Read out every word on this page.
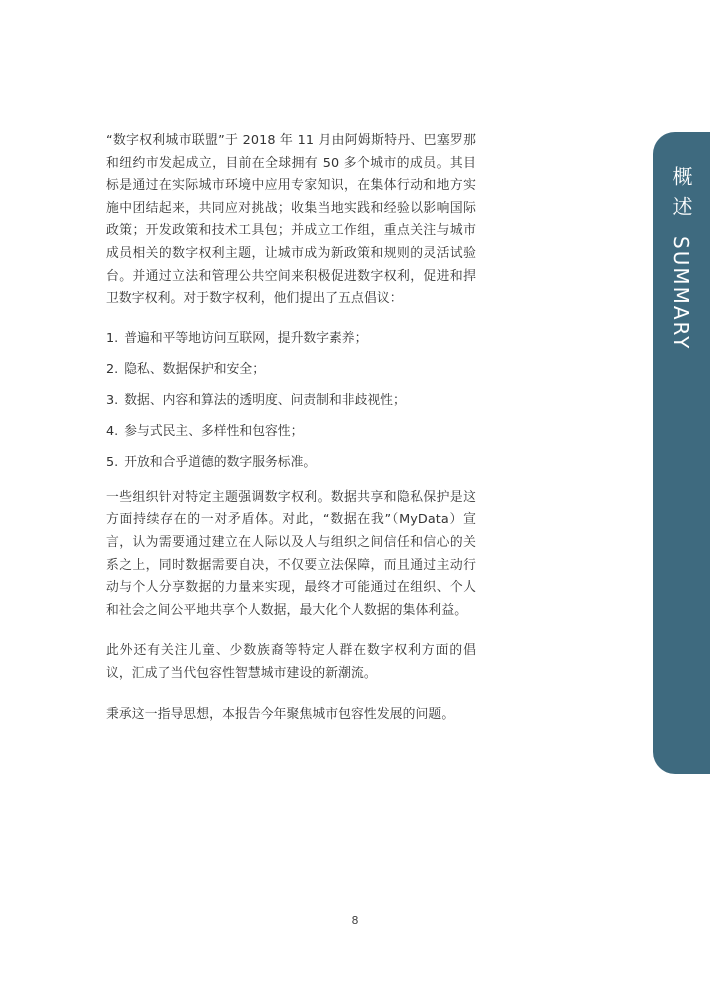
“数字权利城市联盟”于 2018 年 11 月由阿姆斯特丹、巴塞罗那和纽约市发起成立，目前在全球拥有 50 多个城市的成员。其目标是通过在实际城市环境中应用专家知识，在集体行动和地方实施中团结起来，共同应对挑战；收集当地实践和经验以影响国际政策；开发政策和技术工具包；并成立工作组，重点关注与城市成员相关的数字权利主题，让城市成为新政策和规则的灵活试验台。并通过立法和管理公共空间来积极促进数字权利，促进和捍卫数字权利。对于数字权利，他们提出了五点倡议：

1. 普遍和平等地访问互联网，提升数字素养；
2. 隐私、数据保护和安全；
3. 数据、内容和算法的透明度、问责制和非歧视性；
4. 参与式民主、多样性和包容性；
5. 开放和合乎道德的数字服务标准。

一些组织针对特定主题强调数字权利。数据共享和隐私保护是这方面持续存在的一对矛盾体。对此，“数据在我”（MyData）宣言，认为需要通过建立在人际以及人与组织之间信任和信心的关系之上，同时数据需要自决，不仅要立法保障，而且通过主动行动与个人分享数据的力量来实现，最终才可能通过在组织、个人和社会之间公平地共享个人数据，最大化个人数据的集体利益。

此外还有关注儿童、少数族裔等特定人群在数字权利方面的倡议，汇成了当代包容性智慧城市建设的新潮流。

秉承这一指导思想，本报告今年聚焦城市包容性发展的问题。

概述SUMMARY
8
